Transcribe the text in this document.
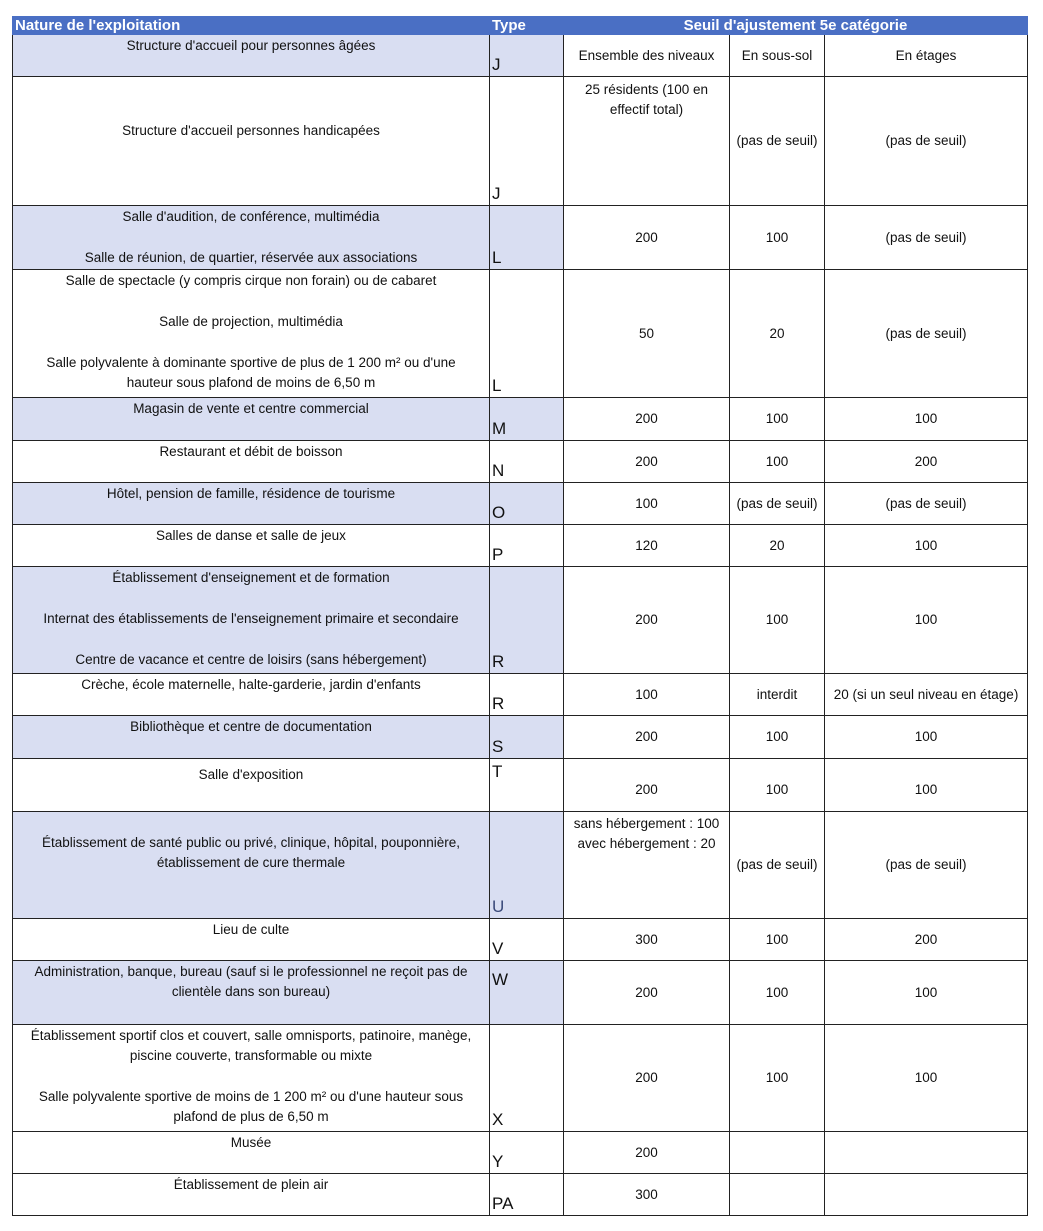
Nature de l'exploitation	Type	Seuil d'ajustement 5e catégorie		

Structure d'accueil pour personnes âgées	J	Ensemble des niveaux	En sous-sol	En étages

Structure d'accueil personnes handicapées	J	25 résidents (100 en
effectif total)	(pas de seuil)	(pas de seuil)

Salle d'audition, de conférence, multimédia
Salle de réunion, de quartier, réservée aux associations	L	200	100	(pas de seuil)

Salle de spectacle (y compris cirque non forain) ou de cabaret
Salle de projection, multimédia
Salle polyvalente à dominante sportive de plus de 1 200 m² ou d'une
hauteur sous plafond de moins de 6,50 m	L	50	20	(pas de seuil)

Magasin de vente et centre commercial	M	200	100	100

Restaurant et débit de boisson	N	200	100	200

Hôtel, pension de famille, résidence de tourisme	O	100	(pas de seuil)	(pas de seuil)

Salles de danse et salle de jeux	P	120	20	100

Établissement d'enseignement et de formation
Internat des établissements de l'enseignement primaire et secondaire
Centre de vacance et centre de loisirs (sans hébergement)	R	200	100	100

Crèche, école maternelle, halte-garderie, jardin d'enfants	R	100	interdit	20 (si un seul niveau en étage)

Bibliothèque et centre de documentation	S	200	100	100

Salle d'exposition	T	200	100	100

Établissement de santé public ou privé, clinique, hôpital, pouponnière,
établissement de cure thermale	U	sans hébergement : 100
avec hébergement : 20	(pas de seuil)	(pas de seuil)

Lieu de culte	V	300	100	200

Administration, banque, bureau (sauf si le professionnel ne reçoit pas de
clientèle dans son bureau)	W	200	100	100

Établissement sportif clos et couvert, salle omnisports, patinoire, manège,
piscine couverte, transformable ou mixte
Salle polyvalente sportive de moins de 1 200 m² ou d'une hauteur sous
plafond de plus de 6,50 m	X	200	100	100

Musée	Y	200		

Établissement de plein air	PA	300		
